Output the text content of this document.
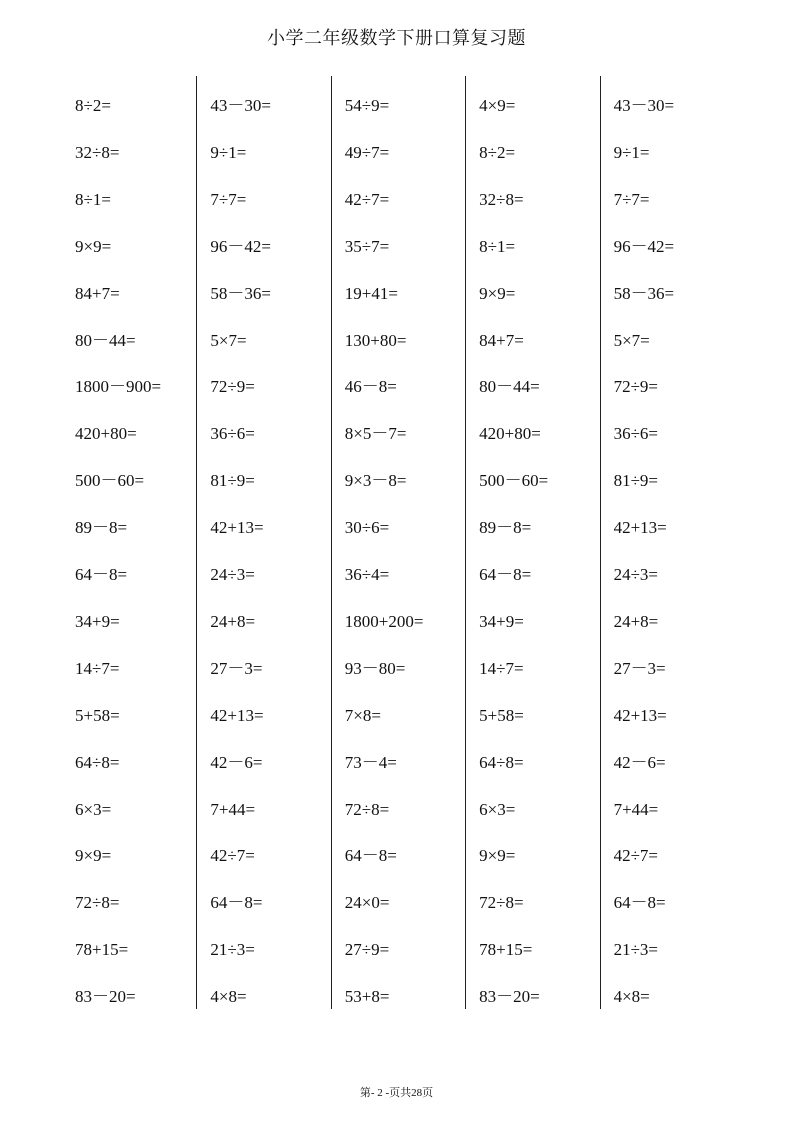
小学二年级数学下册口算复习题
8÷2=
32÷8=
8÷1=
9×9=
84+7=
80－44=
1800－900=
420+80=
500－60=
89－8=
64－8=
34+9=
14÷7=
5+58=
64÷8=
6×3=
9×9=
72÷8=
78+15=
83－20=
43－30=
9÷1=
7÷7=
96－42=
58－36=
5×7=
72÷9=
36÷6=
81÷9=
42+13=
24÷3=
24+8=
27－3=
42+13=
42－6=
7+44=
42÷7=
64－8=
21÷3=
4×8=
54÷9=
49÷7=
42÷7=
35÷7=
19+41=
130+80=
46－8=
8×5－7=
9×3－8=
30÷6=
36÷4=
1800+200=
93－80=
7×8=
73－4=
72÷8=
64－8=
24×0=
27÷9=
53+8=
4×9=
8÷2=
32÷8=
8÷1=
9×9=
84+7=
80－44=
420+80=
500－60=
89－8=
64－8=
34+9=
14÷7=
5+58=
64÷8=
6×3=
9×9=
72÷8=
78+15=
83－20=
43－30=
9÷1=
7÷7=
96－42=
58－36=
5×7=
72÷9=
36÷6=
81÷9=
42+13=
24÷3=
24+8=
27－3=
42+13=
42－6=
7+44=
42÷7=
64－8=
21÷3=
4×8=
第- 2 -页共28页
